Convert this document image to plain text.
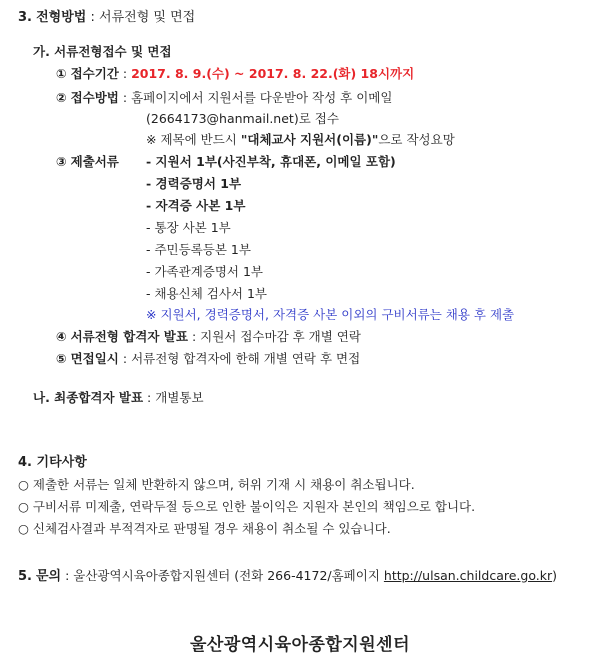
3. 전형방법 : 서류전형 및 면접
가. 서류전형접수 및 면접
① 접수기간 : 2017. 8. 9.(수) ~ 2017. 8. 22.(화) 18시까지
② 접수방법 : 홈페이지에서 지원서를 다운받아 작성 후 이메일
(2664173@hanmail.net)로 접수
※ 제목에 반드시 "대체교사 지원서(이름)"으로 작성요망
③ 제출서류 - 지원서 1부(사진부착, 휴대폰, 이메일 포함)
- 경력증명서 1부
- 자격증 사본 1부
- 통장 사본 1부
- 주민등록등본 1부
- 가족관계증명서 1부
- 채용신체 검사서 1부
※ 지원서, 경력증명서, 자격증 사본 이외의 구비서류는 채용 후 제출
④ 서류전형 합격자 발표 : 지원서 접수마감 후 개별 연락
⑤ 면접일시 : 서류전형 합격자에 한해 개별 연락 후 면접
나. 최종합격자 발표 : 개별통보
4. 기타사항
○ 제출한 서류는 일체 반환하지 않으며, 허위 기재 시 채용이 취소됩니다.
○ 구비서류 미제출, 연락두절 등으로 인한 불이익은 지원자 본인의 책임으로 합니다.
○ 신체검사결과 부적격자로 판명될 경우 채용이 취소될 수 있습니다.
5. 문의 : 울산광역시육아종합지원센터 (전화 266-4172/홈페이지 http://ulsan.childcare.go.kr)
울산광역시육아종합지원센터
